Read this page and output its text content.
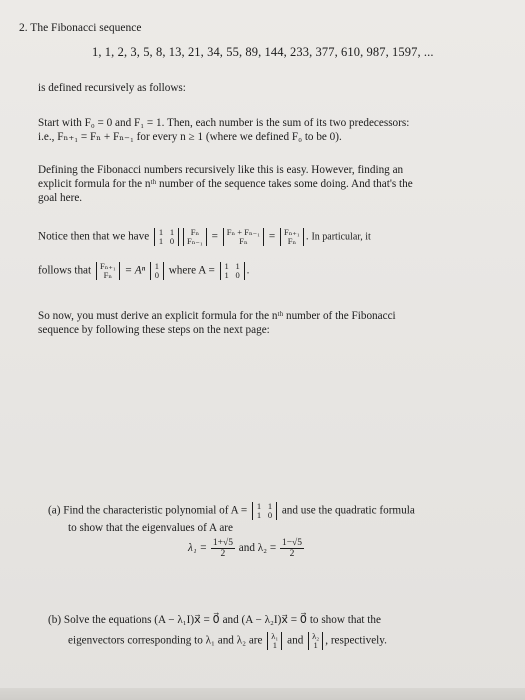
2. The Fibonacci sequence
1, 1, 2, 3, 5, 8, 13, 21, 34, 55, 89, 144, 233, 377, 610, 987, 1597, ...
is defined recursively as follows:
Start with F₀ = 0 and F₁ = 1. Then, each number is the sum of its two predecessors:
i.e., Fₙ₊₁ = Fₙ + Fₙ₋₁ for every n ≥ 1 (where we defined F₀ to be 0).
Defining the Fibonacci numbers recursively like this is easy. However, finding an
explicit formula for the nᵗʰ number of the sequence takes some doing. And that's the
goal here.
Notice then that we have 1 1
1 0
Fₙ
Fₙ₋₁ = Fₙ + Fₙ₋₁
Fₙ = Fₙ₊₁
Fₙ . In particular, it
follows that Fₙ₊₁
Fₙ = Aⁿ 1
0 where A = 1 1
1 0 .
So now, you must derive an explicit formula for the nᵗʰ number of the Fibonacci
sequence by following these steps on the next page:
(a) Find the characteristic polynomial of A = 1 1
1 0 and use the quadratic formula
to show that the eigenvalues of A are
$\lambda_1 = \frac{1+√5}{2}$ and $\lambda_2 = \frac{1-√5}{2}$
(b) Solve the equations (A − λ₁I)x⃗ = 0⃗ and (A − λ₂I)x⃗ = 0⃗ to show that the
eigenvectors corresponding to λ₁ and λ₂ are λ₁
1 and λ₂
1 , respectively.
